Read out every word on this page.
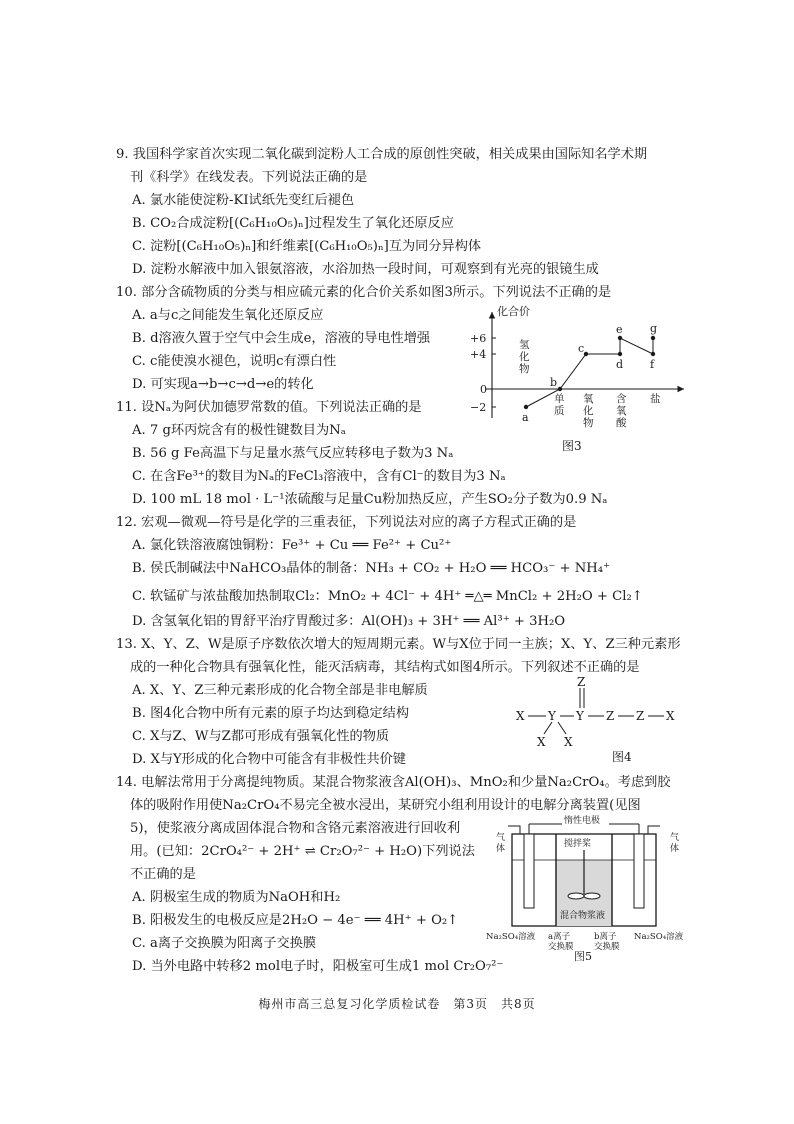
9. 我国科学家首次实现二氧化碳到淀粉人工合成的原创性突破，相关成果由国际知名学术期
刊《科学》在线发表。下列说法正确的是
A. 氯水能使淀粉-KI试纸先变红后褪色
B. CO₂合成淀粉[(C₆H₁₀O₅)ₙ]过程发生了氧化还原反应
C. 淀粉[(C₆H₁₀O₅)ₙ]和纤维素[(C₆H₁₀O₅)ₙ]互为同分异构体
D. 淀粉水解液中加入银氨溶液，水浴加热一段时间，可观察到有光亮的银镜生成
10. 部分含硫物质的分类与相应硫元素的化合价关系如图3所示。下列说法不正确的是
A. a与c之间能发生氧化还原反应
B. d溶液久置于空气中会生成e，溶液的导电性增强
C. c能使溴水褪色，说明c有漂白性
D. 可实现a→b→c→d→e的转化
化合价
+6
+4
0
−2
氢化物
单质
氧化物
含氧酸
盐
a
b
c
d
e
f
g
图3
11. 设Nₐ为阿伏加德罗常数的值。下列说法正确的是
A. 7 g环丙烷含有的极性键数目为Nₐ
B. 56 g Fe高温下与足量水蒸气反应转移电子数为3 Nₐ
C. 在含Fe³⁺的数目为Nₐ的FeCl₃溶液中，含有Cl⁻的数目为3 Nₐ
D. 100 mL 18 mol · L⁻¹浓硫酸与足量Cu粉加热反应，产生SO₂分子数为0.9 Nₐ
12. 宏观—微观—符号是化学的三重表征，下列说法对应的离子方程式正确的是
A. 氯化铁溶液腐蚀铜粉：Fe³⁺ + Cu ══ Fe²⁺ + Cu²⁺
B. 侯氏制碱法中NaHCO₃晶体的制备：NH₃ + CO₂ + H₂O ══ HCO₃⁻ + NH₄⁺
C. 软锰矿与浓盐酸加热制取Cl₂：MnO₂ + 4Cl⁻ + 4H⁺ ═△═ MnCl₂ + 2H₂O + Cl₂↑
D. 含氢氧化铝的胃舒平治疗胃酸过多：Al(OH)₃ + 3H⁺ ══ Al³⁺ + 3H₂O
13. X、Y、Z、W是原子序数依次增大的短周期元素。W与X位于同一主族；X、Y、Z三种元素形
成的一种化合物具有强氧化性，能灭活病毒，其结构式如图4所示。下列叙述不正确的是
A. X、Y、Z三种元素形成的化合物全部是非电解质
B. 图4化合物中所有元素的原子均达到稳定结构
C. X与Z、W与Z都可形成有强氧化性的物质
D. X与Y形成的化合物中可能含有非极性共价键
X Y Y Z Z X
Z
X X
图4
14. 电解法常用于分离提纯物质。某混合物浆液含Al(OH)₃、MnO₂和少量Na₂CrO₄。考虑到胶
体的吸附作用使Na₂CrO₄不易完全被水浸出，某研究小组利用设计的电解分离装置(见图
5)，使浆液分离成固体混合物和含铬元素溶液进行回收利
用。(已知：2CrO₄²⁻ + 2H⁺ ⇌ Cr₂O₇²⁻ + H₂O)下列说法
不正确的是
A. 阴极室生成的物质为NaOH和H₂
B. 阳极发生的电极反应是2H₂O − 4e⁻ ══ 4H⁺ + O₂↑
C. a离子交换膜为阳离子交换膜
D. 当外电路中转移2 mol电子时，阳极室可生成1 mol Cr₂O₇²⁻
惰性电极
气体
气体
搅拌桨
混合物浆液
Na₂SO₄溶液 a离子交换膜
b离子交换膜
Na₂SO₄溶液
图5
梅州市高三总复习化学质检试卷　第3页　共8页
